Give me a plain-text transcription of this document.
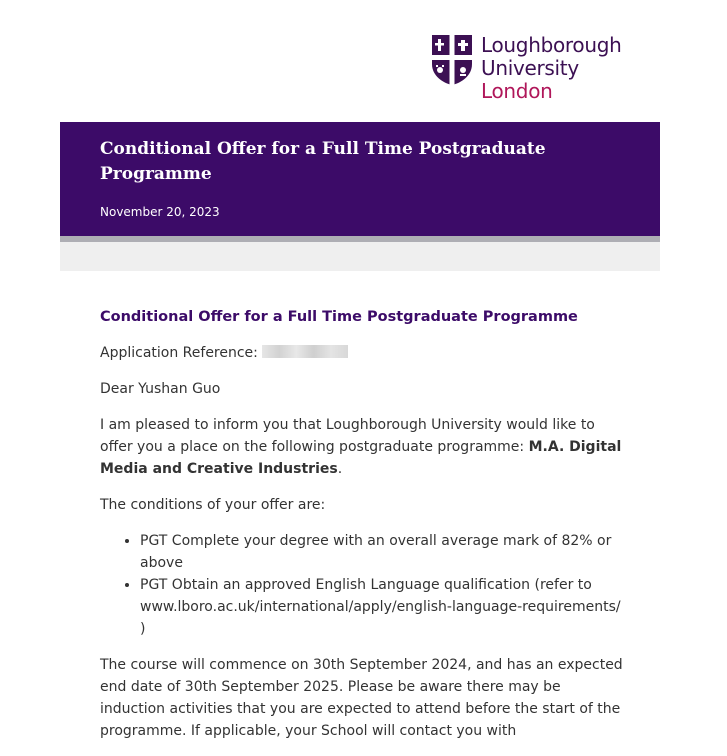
Loughborough
University
London
Conditional Offer for a Full Time Postgraduate Programme
November 20, 2023
Conditional Offer for a Full Time Postgraduate Programme

Application Reference:

Dear Yushan Guo

I am pleased to inform you that Loughborough University would like to offer you a place on the following postgraduate programme: M.A. Digital Media and Creative Industries.

The conditions of your offer are:

• PGT Complete your degree with an overall average mark of 82% or above
• PGT Obtain an approved English Language qualification (refer to www.lboro.ac.uk/international/apply/english-language-requirements/ )

The course will commence on 30th September 2024, and has an expected end date of 30th September 2025. Please be aware there may be induction activities that you are expected to attend before the start of the programme. If applicable, your School will contact you with
